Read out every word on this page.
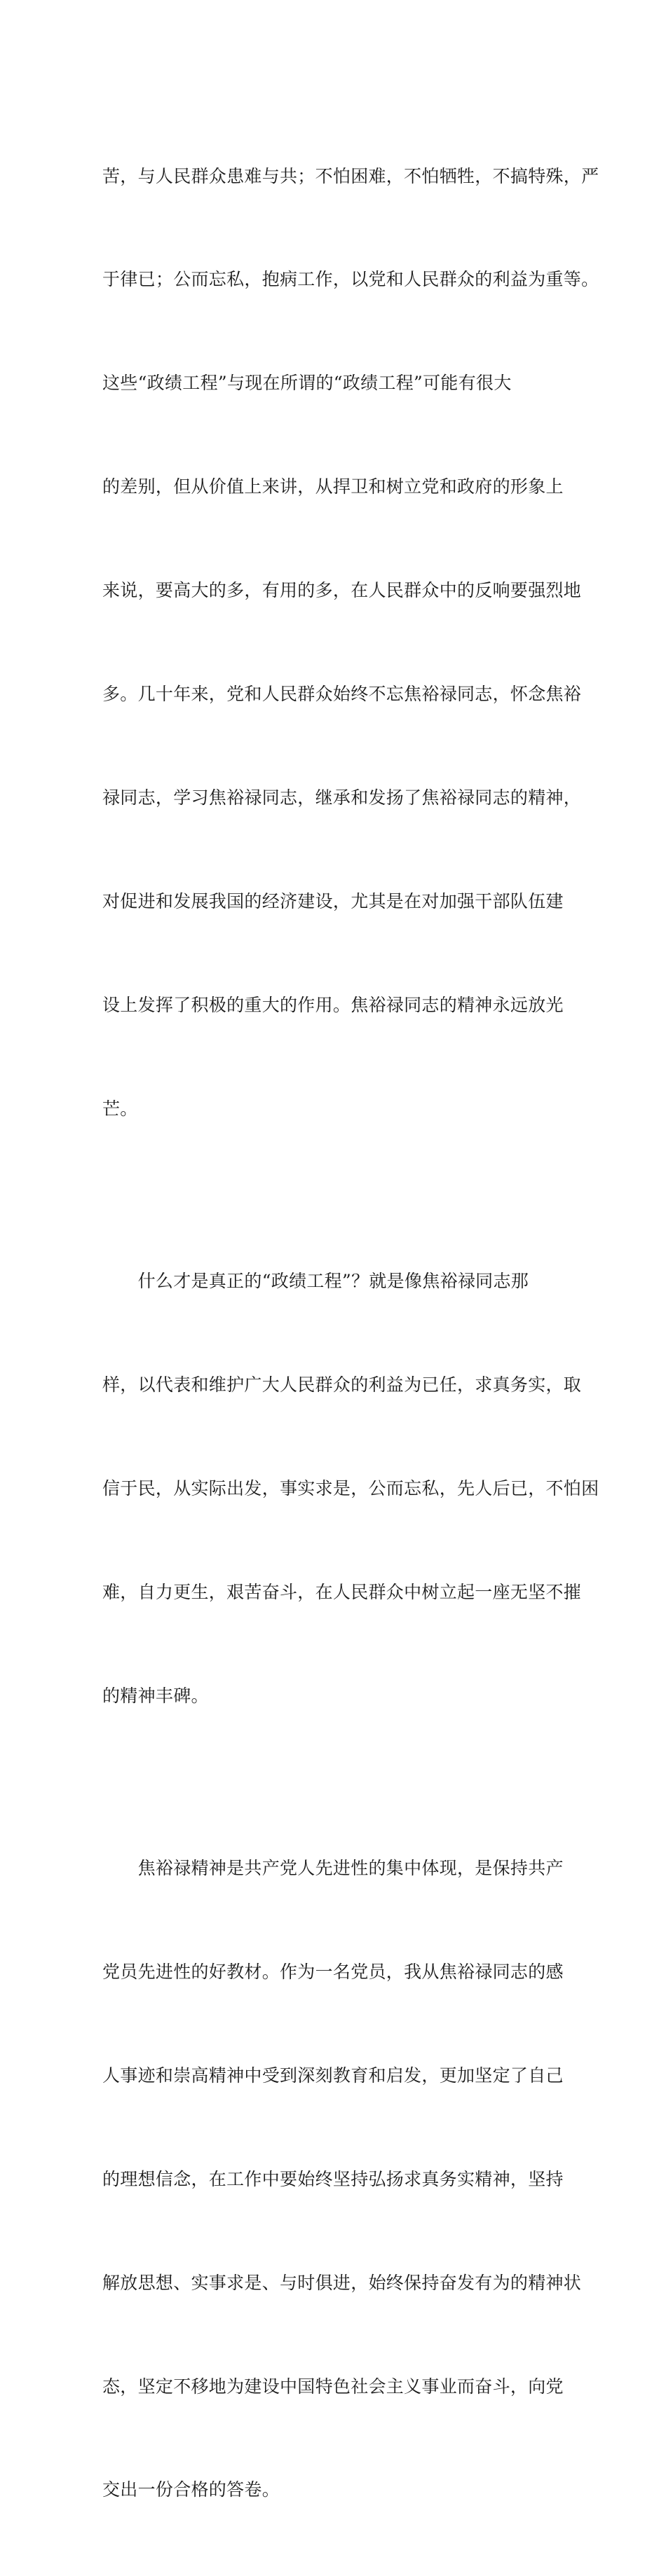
苦，与人民群众患难与共；不怕困难，不怕牺牲，不搞特殊，严

于律已；公而忘私，抱病工作，以党和人民群众的利益为重等。

这些“政绩工程”与现在所谓的“政绩工程”可能有很大

的差别，但从价值上来讲，从捍卫和树立党和政府的形象上

来说，要高大的多，有用的多，在人民群众中的反响要强烈地

多。几十年来，党和人民群众始终不忘焦裕禄同志，怀念焦裕

禄同志，学习焦裕禄同志，继承和发扬了焦裕禄同志的精神，

对促进和发展我国的经济建设，尤其是在对加强干部队伍建

设上发挥了积极的重大的作用。焦裕禄同志的精神永远放光

芒。

　　什么才是真正的“政绩工程”？就是像焦裕禄同志那

样，以代表和维护广大人民群众的利益为已任，求真务实，取

信于民，从实际出发，事实求是，公而忘私，先人后已，不怕困

难，自力更生，艰苦奋斗，在人民群众中树立起一座无坚不摧

的精神丰碑。

　　焦裕禄精神是共产党人先进性的集中体现，是保持共产

党员先进性的好教材。作为一名党员，我从焦裕禄同志的感

人事迹和崇高精神中受到深刻教育和启发，更加坚定了自己

的理想信念，在工作中要始终坚持弘扬求真务实精神，坚持

解放思想、实事求是、与时俱进，始终保持奋发有为的精神状

态，坚定不移地为建设中国特色社会主义事业而奋斗，向党

交出一份合格的答卷。
